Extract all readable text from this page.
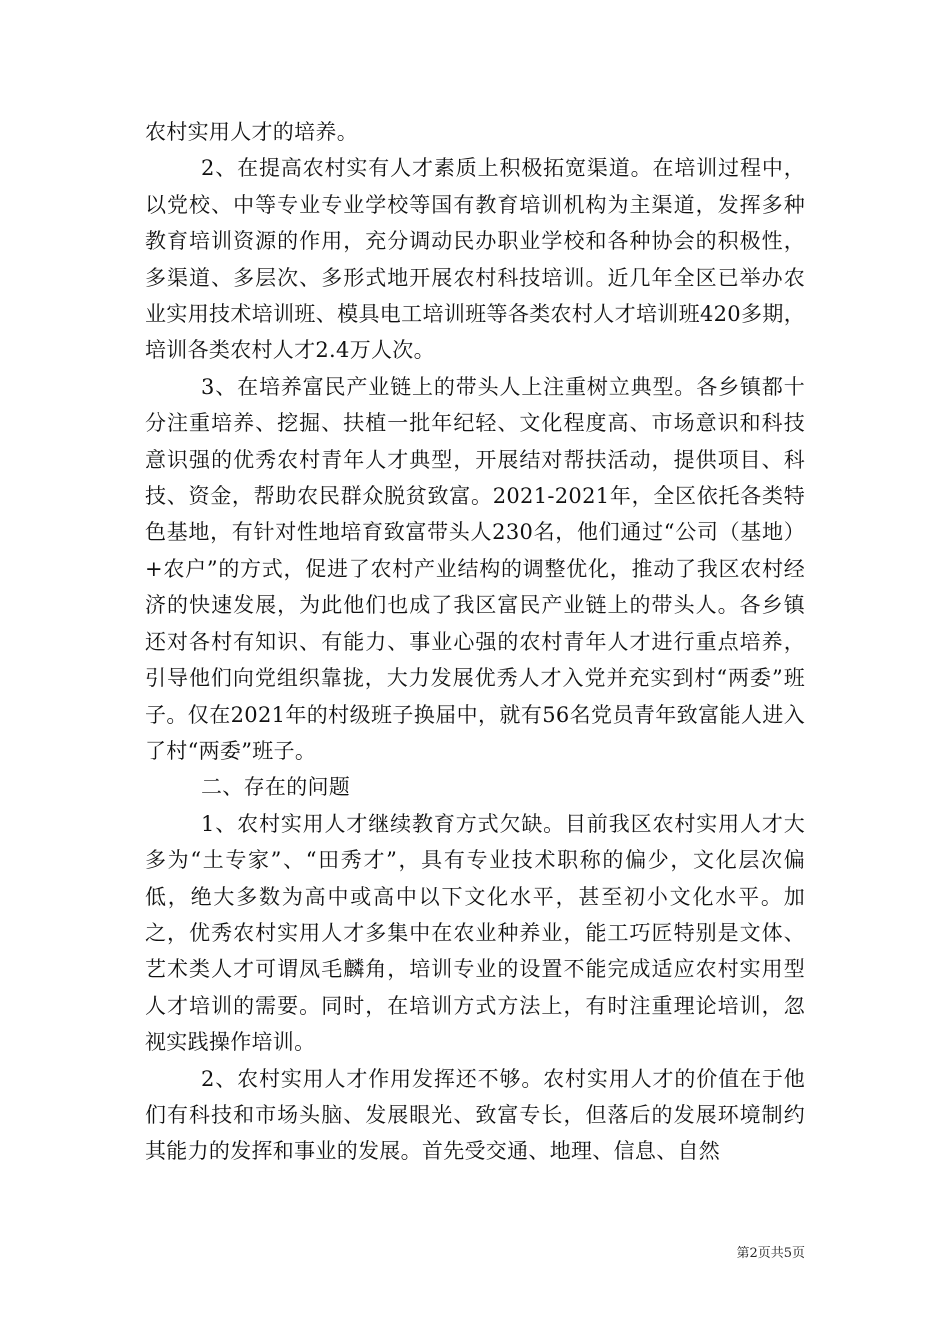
农村实用人才的培养。

2、在提高农村实有人才素质上积极拓宽渠道。在培训过程中，以党校、中等专业专业学校等国有教育培训机构为主渠道，发挥多种教育培训资源的作用，充分调动民办职业学校和各种协会的积极性，多渠道、多层次、多形式地开展农村科技培训。近几年全区已举办农业实用技术培训班、模具电工培训班等各类农村人才培训班420多期，培训各类农村人才2.4万人次。

3、在培养富民产业链上的带头人上注重树立典型。各乡镇都十分注重培养、挖掘、扶植一批年纪轻、文化程度高、市场意识和科技意识强的优秀农村青年人才典型，开展结对帮扶活动，提供项目、科技、资金，帮助农民群众脱贫致富。2021-2021年，全区依托各类特色基地，有针对性地培育致富带头人230名，他们通过“公司（基地）+农户”的方式，促进了农村产业结构的调整优化，推动了我区农村经济的快速发展，为此他们也成了我区富民产业链上的带头人。各乡镇还对各村有知识、有能力、事业心强的农村青年人才进行重点培养，引导他们向党组织靠拢，大力发展优秀人才入党并充实到村“两委”班子。仅在2021年的村级班子换届中，就有56名党员青年致富能人进入了村“两委”班子。

二、存在的问题

1、农村实用人才继续教育方式欠缺。目前我区农村实用人才大多为“土专家”、“田秀才”，具有专业技术职称的偏少，文化层次偏低，绝大多数为高中或高中以下文化水平，甚至初小文化水平。加之，优秀农村实用人才多集中在农业种养业，能工巧匠特别是文体、艺术类人才可谓凤毛麟角，培训专业的设置不能完成适应农村实用型人才培训的需要。同时，在培训方式方法上，有时注重理论培训，忽视实践操作培训。

2、农村实用人才作用发挥还不够。农村实用人才的价值在于他们有科技和市场头脑、发展眼光、致富专长，但落后的发展环境制约其能力的发挥和事业的发展。首先受交通、地理、信息、自然

第2页共5页
